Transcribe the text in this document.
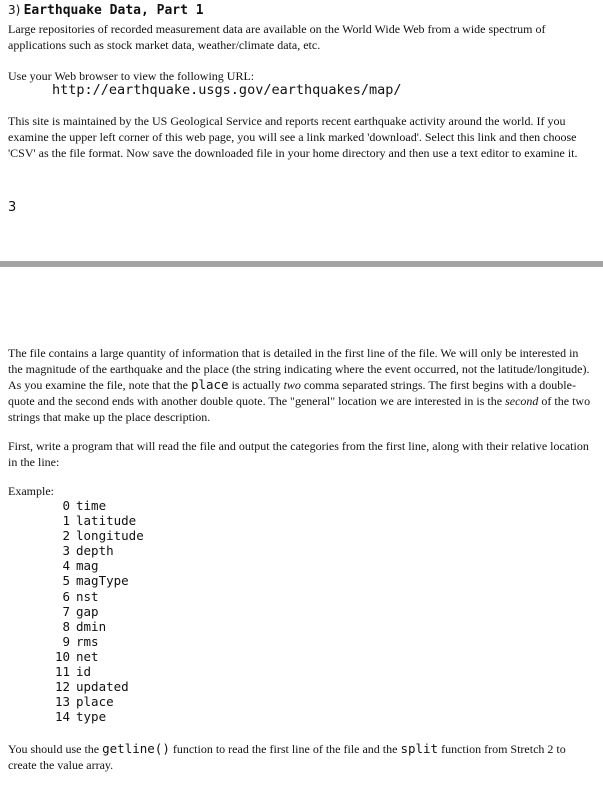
3) Earthquake Data, Part 1

Large repositories of recorded measurement data are available on the World Wide Web from a wide spectrum of applications such as stock market data, weather/climate data, etc.

Use your Web browser to view the following URL:

http://earthquake.usgs.gov/earthquakes/map/

This site is maintained by the US Geological Service and reports recent earthquake activity around the world. If you examine the upper left corner of this web page, you will see a link marked 'download'. Select this link and then choose 'CSV' as the file format. Now save the downloaded file in your home directory and then use a text editor to examine it.

3

The file contains a large quantity of information that is detailed in the first line of the file. We will only be interested in the magnitude of the earthquake and the place (the string indicating where the event occurred, not the latitude/longitude). As you examine the file, note that the place is actually two comma separated strings. The first begins with a double-quote and the second ends with another double quote. The "general" location we are interested in is the second of the two strings that make up the place description.

First, write a program that will read the file and output the categories from the first line, along with their relative location in the line:

Example:
0 time
1 latitude
2 longitude
3 depth
4 mag
5 magType
6 nst
7 gap
8 dmin
9 rms
10 net
11 id
12 updated
13 place
14 type

You should use the getline() function to read the first line of the file and the split function from Stretch 2 to create the value array.
